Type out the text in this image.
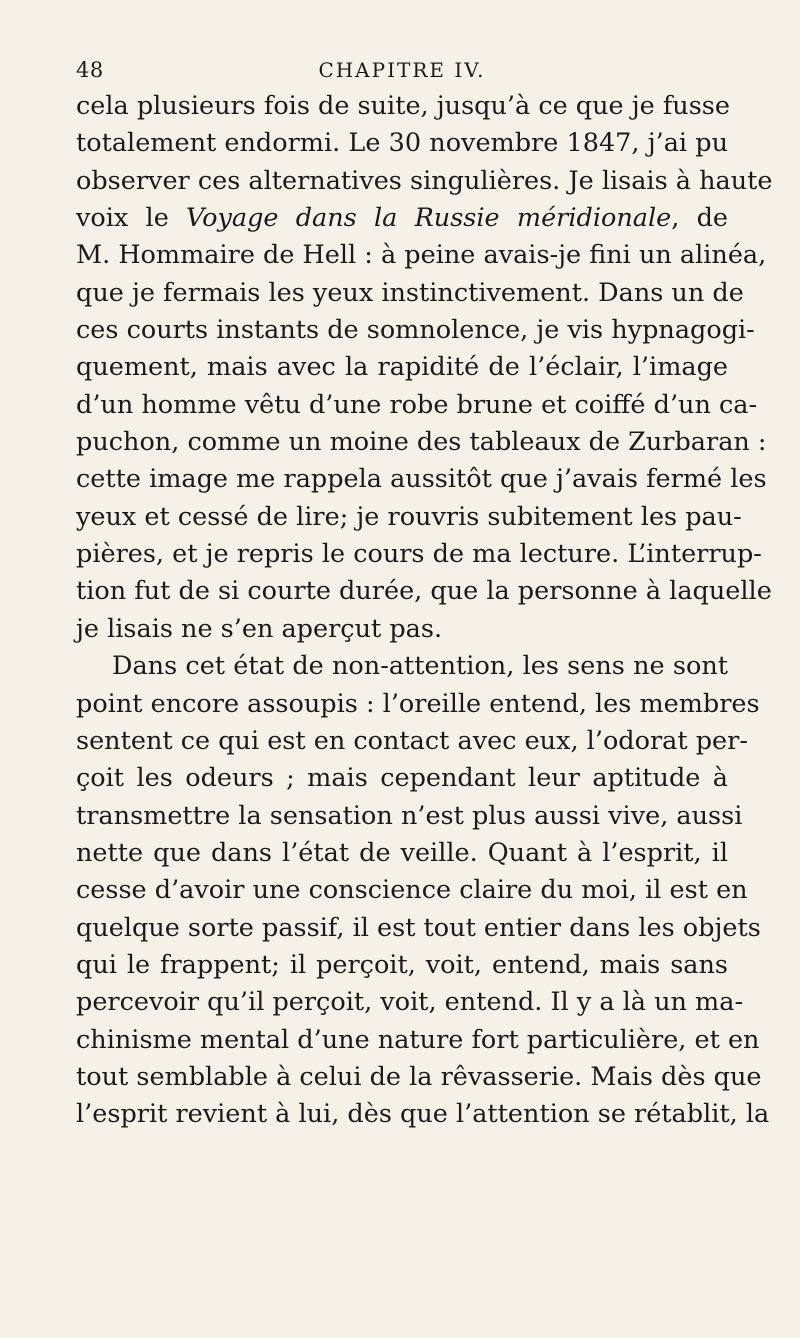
48	CHAPITRE IV.
cela plusieurs fois de suite, jusqu’à ce que je fusse
totalement endormi. Le 30 novembre 1847, j’ai pu
observer ces alternatives singulières. Je lisais à haute
voix le Voyage dans la Russie méridionale, de
M. Hommaire de Hell : à peine avais-je fini un alinéa,
que je fermais les yeux instinctivement. Dans un de
ces courts instants de somnolence, je vis hypnagogi-
quement, mais avec la rapidité de l’éclair, l’image
d’un homme vêtu d’une robe brune et coiffé d’un ca-
puchon, comme un moine des tableaux de Zurbaran :
cette image me rappela aussitôt que j’avais fermé les
yeux et cessé de lire; je rouvris subitement les pau-
pières, et je repris le cours de ma lecture. L’interrup-
tion fut de si courte durée, que la personne à laquelle
je lisais ne s’en aperçut pas.
Dans cet état de non-attention, les sens ne sont
point encore assoupis : l’oreille entend, les membres
sentent ce qui est en contact avec eux, l’odorat per-
çoit les odeurs ; mais cependant leur aptitude à
transmettre la sensation n’est plus aussi vive, aussi
nette que dans l’état de veille. Quant à l’esprit, il
cesse d’avoir une conscience claire du moi, il est en
quelque sorte passif, il est tout entier dans les objets
qui le frappent; il perçoit, voit, entend, mais sans
percevoir qu’il perçoit, voit, entend. Il y a là un ma-
chinisme mental d’une nature fort particulière, et en
tout semblable à celui de la rêvasserie. Mais dès que
l’esprit revient à lui, dès que l’attention se rétablit, la
